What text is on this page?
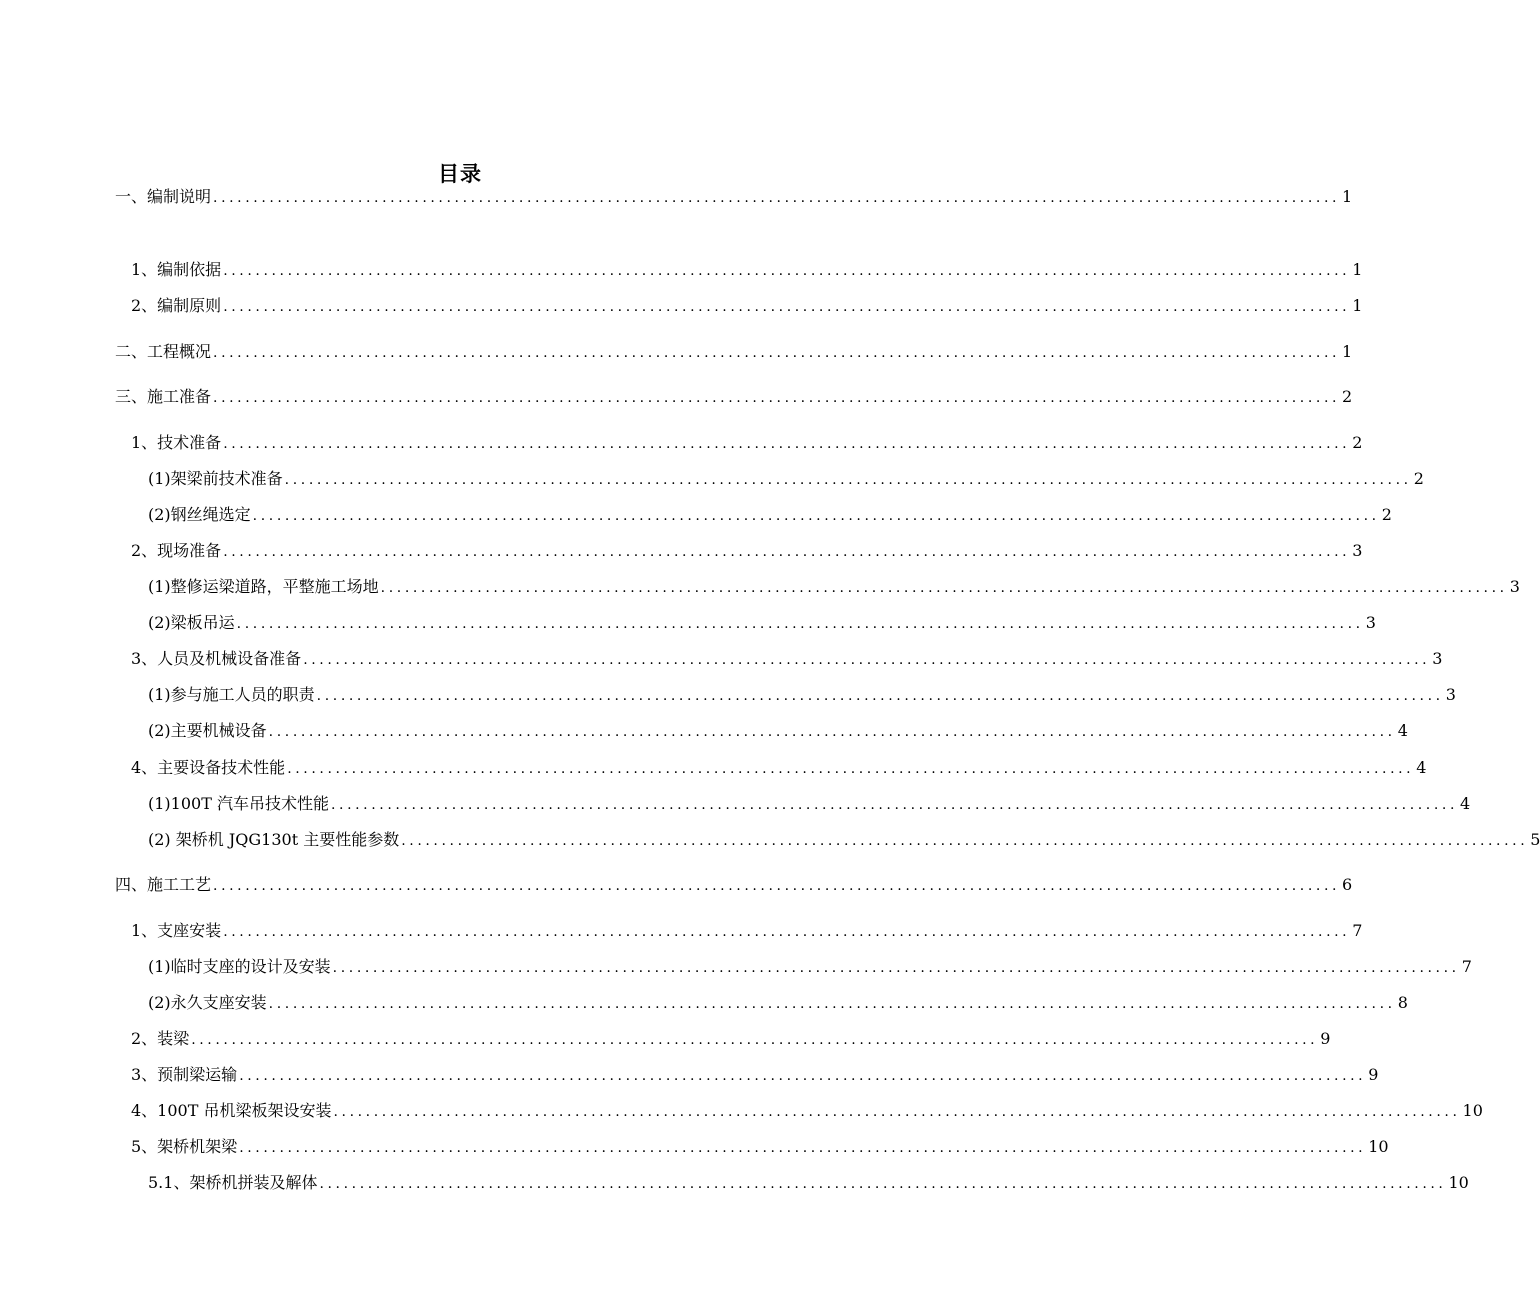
目录
一、编制说明 ............................................................................................................................................ 1
1、编制依据 ............................................................................................................................................ 1
2、编制原则 ............................................................................................................................................ 1
二、工程概况 ............................................................................................................................................ 1
三、施工准备 ............................................................................................................................................ 2
1、技术准备 ............................................................................................................................................ 2
(1)架梁前技术准备 ............................................................................................................................................ 2
(2)钢丝绳选定 ............................................................................................................................................ 2
2、现场准备 ............................................................................................................................................ 3
(1)整修运梁道路，平整施工场地 ............................................................................................................................................ 3
(2)梁板吊运 ............................................................................................................................................ 3
3、人员及机械设备准备 ............................................................................................................................................ 3
(1)参与施工人员的职责 ............................................................................................................................................ 3
(2)主要机械设备 ............................................................................................................................................ 4
4、主要设备技术性能 ............................................................................................................................................ 4
(1)100T 汽车吊技术性能 ............................................................................................................................................ 4
(2) 架桥机 JQG130t 主要性能参数 ............................................................................................................................................ 5
四、施工工艺 ............................................................................................................................................ 6
1、支座安装 ............................................................................................................................................ 7
(1)临时支座的设计及安装 ............................................................................................................................................ 7
(2)永久支座安装 ............................................................................................................................................ 8
2、装梁 ............................................................................................................................................ 9
3、预制梁运输 ............................................................................................................................................ 9
4、100T 吊机梁板架设安装 ............................................................................................................................................ 10
5、架桥机架梁 ............................................................................................................................................ 10
5.1、架桥机拼装及解体 ............................................................................................................................................ 10
